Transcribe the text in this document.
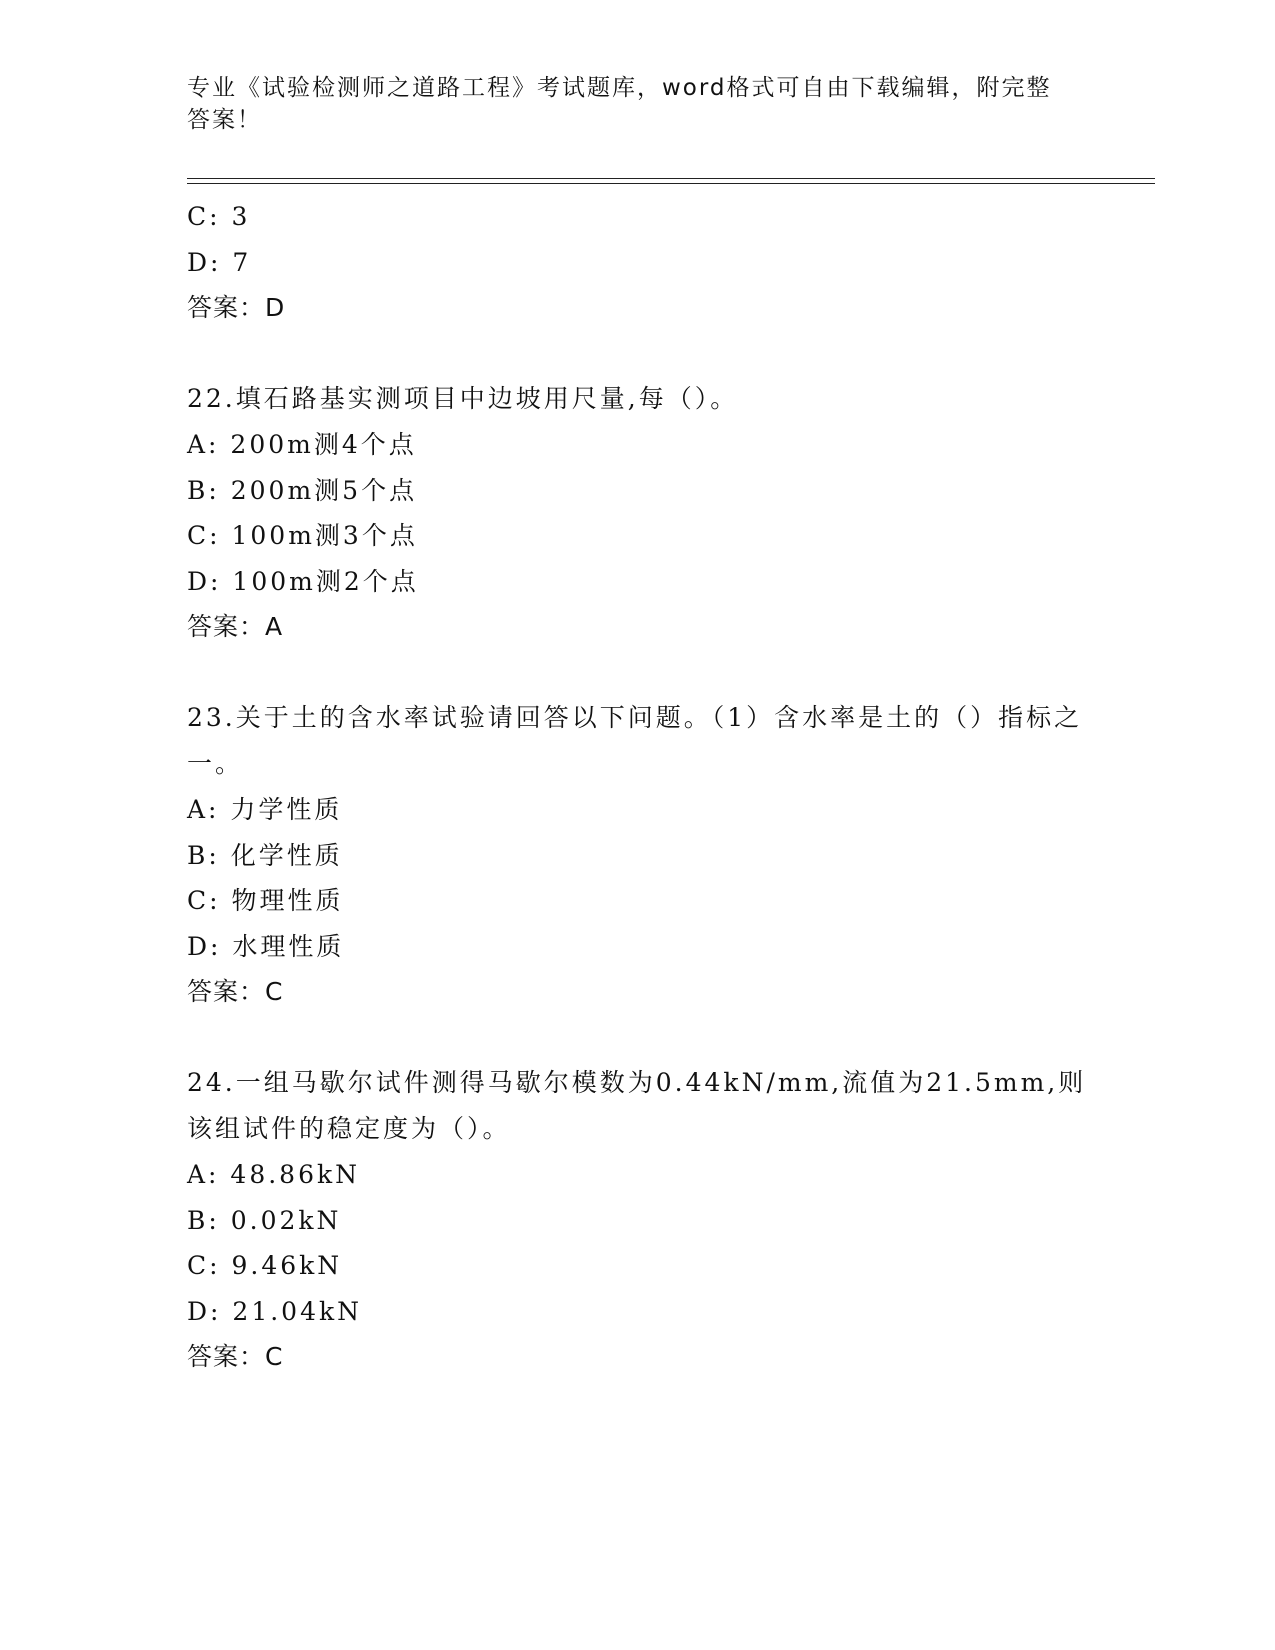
专业《试验检测师之道路工程》考试题库，word格式可自由下载编辑，附完整答案！

C: 3

D: 7

答案：D

22.填石路基实测项目中边坡用尺量,每（）。

A: 200m测4个点

B: 200m测5个点

C: 100m测3个点

D: 100m测2个点

答案：A

23.关于土的含水率试验请回答以下问题。（1）含水率是土的（）指标之一。

A: 力学性质

B: 化学性质

C: 物理性质

D: 水理性质

答案：C

24.一组马歇尔试件测得马歇尔模数为0.44kN/mm,流值为21.5mm,则该组试件的稳定度为（）。

A: 48.86kN

B: 0.02kN

C: 9.46kN

D: 21.04kN

答案：C
